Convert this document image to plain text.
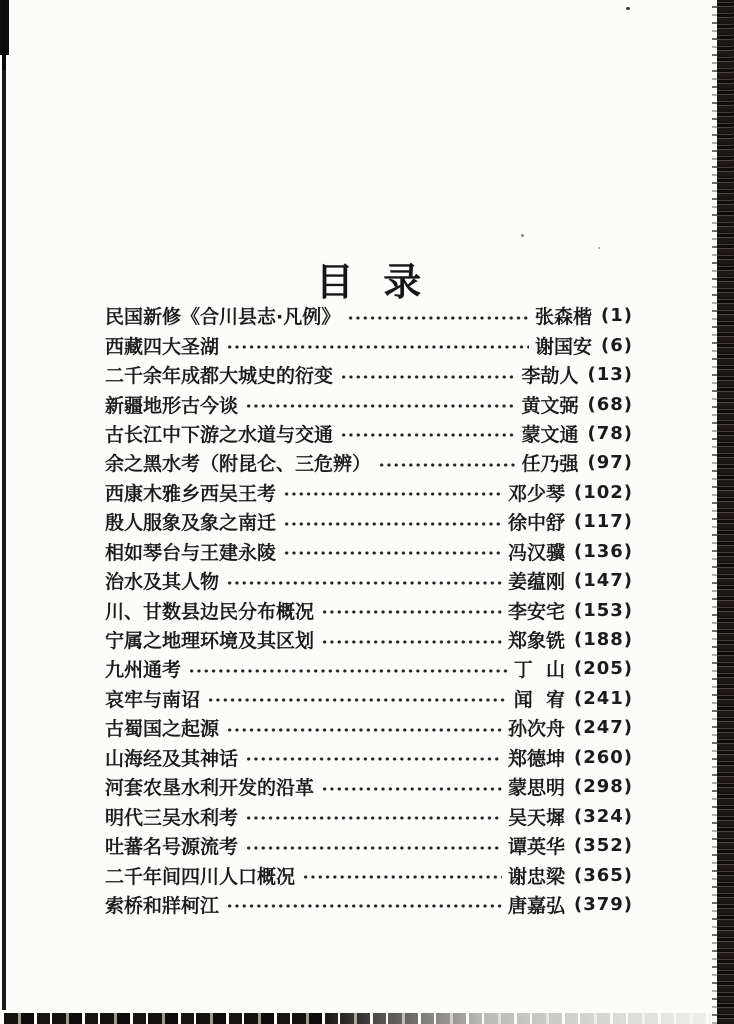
目  录
民国新修《合川县志·凡例》	张森楷 (1)
西藏四大圣湖	谢国安 (6)
二千余年成都大城史的衍变	李劼人 (13)
新疆地形古今谈	黄文弼 (68)
古长江中下游之水道与交通	蒙文通 (78)
余之黑水考（附昆仑、三危辨）	任乃强 (97)
西康木雅乡西吴王考	邓少琴 (102)
殷人服象及象之南迁	徐中舒 (117)
相如琴台与王建永陵	冯汉骥 (136)
治水及其人物	姜蕴刚 (147)
川、甘数县边民分布概况	李安宅 (153)
宁属之地理环境及其区划	郑象铣 (188)
九州通考	丁  山 (205)
哀牢与南诏	闻  宥 (241)
古蜀国之起源	孙次舟 (247)
山海经及其神话	郑德坤 (260)
河套农垦水利开发的沿革	蒙思明 (298)
明代三吴水利考	吴天墀 (324)
吐蕃名号源流考	谭英华 (352)
二千年间四川人口概况	谢忠梁 (365)
索桥和牂柯江	唐嘉弘 (379)
